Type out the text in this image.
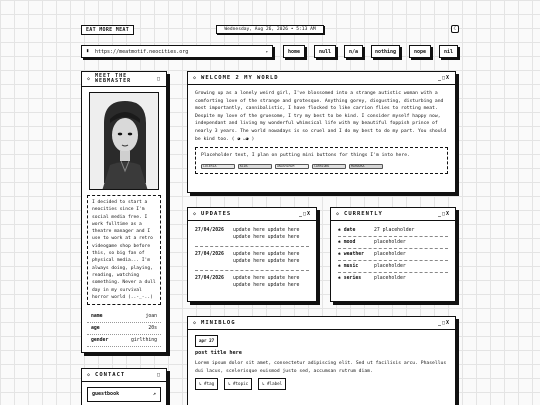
EAT MORE MEAT	Wednesday, Aug 26, 2026 • 5:13 AM	☾
▮	https://meatmotif.neocities.org	▾	home	null	n/a	nothing	nope	nil
◇ MEET THE WEBMASTER	□
I decided to start a neocities since I'm social media free. I work fulltime as a theatre manager and I use to work at a retro videogame shop before this, so big fan of physical media... I'm always doing, playing, reading, watching something. Never a dull day in my survival horror world (..-_-..)
name	joan
age	20s
gender	girlthing
◇ CONTACT	□
guestbook	↗
◇ WELCOME 2 MY WORLD	_□X
Growing up as a lonely weird girl, I've blossomed into a strange autistic woman with a comforting love of the strange and grotesque. Anything gorey, disgusting, disturbing and most importantly, cannibalistic, I have flocked to like carrion flies to rotting meat. Despite my love of the gruesome, I try my best to be kind. I consider myself happy now, independant and living my wonderful whimsical life with my beautiful foppish prince of nearly 3 years. The world nowadays is so cruel and I do my best to do my part. You should be kind too. ( ◕ ᴗ◕ )
Placeholder text, I plan on putting mini buttons for things I'm into here.
LUCERIA	KIDS	ANASHIROM	CARRIONS	MAHOUKA
◇ UPDATES	_□X
27/04/2026	update here update here update here update here
27/04/2026	update here update here update here update here
27/04/2026	update here update here update here update here
◇ CURRENTLY	_□X
✱ date	27 placeholder
✱ mood	placeholder
✱ weather	placeholder
✱ music	placeholder
✱ series	placeholder
◇ MINIBLOG	_□X
apr 27
post title here
Lorem ipsum dolor sit amet, consectetur adipiscing elit. Sed ut facilisis arcu. Phasellus dui lacus, scelerisque euismod justo sed, accumsan rutrum diam.
↳ #tag	↳ #topic	↳ #label
